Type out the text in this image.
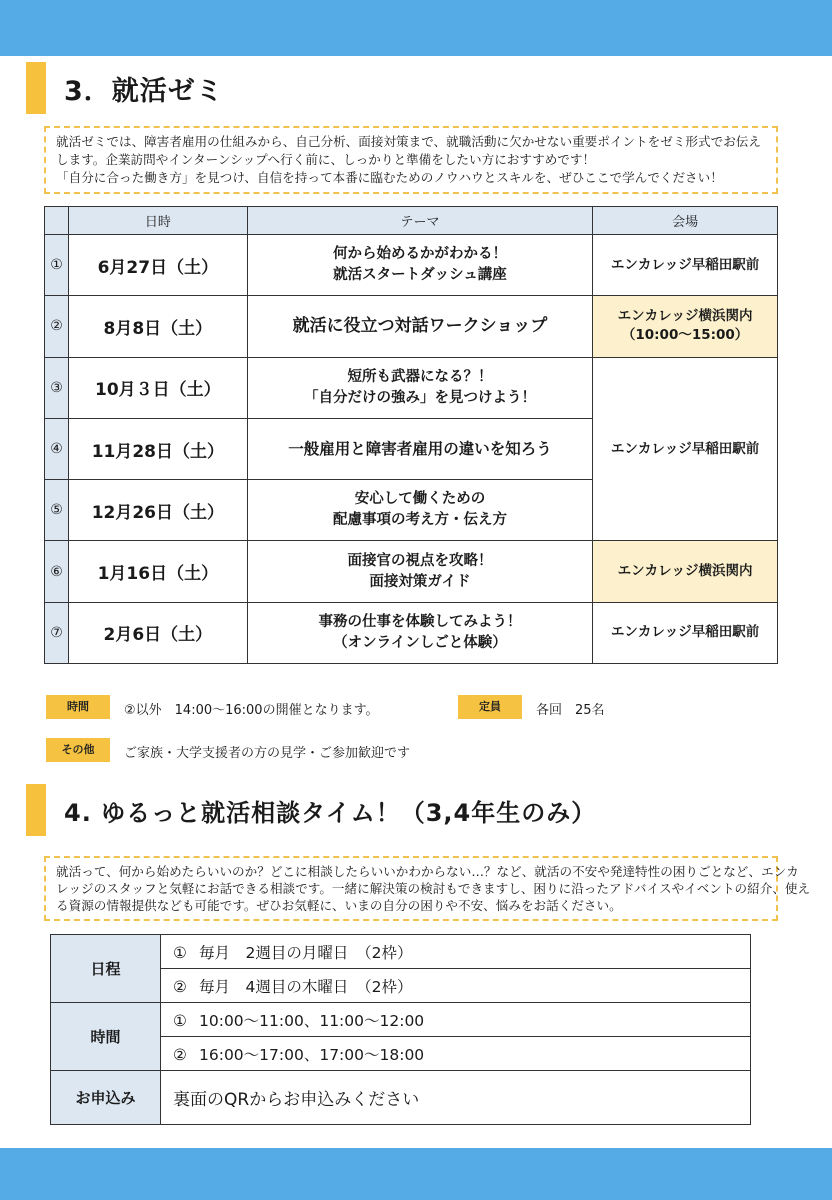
3．就活ゼミ

就活ゼミでは、障害者雇用の仕組みから、自己分析、面接対策まで、就職活動に欠かせない重要ポイントをゼミ形式でお伝え

します。企業訪問やインターンシップへ行く前に、しっかりと準備をしたい方におすすめです！

「自分に合った働き方」を見つけ、自信を持って本番に臨むためのノウハウとスキルを、ぜひここで学んでください！

	日時	テーマ	会場
①	6月27日（土）	何から始めるかがわかる！
就活スタートダッシュ講座	エンカレッジ早稲田駅前
②	8月8日（土）	就活に役立つ対話ワークショップ	エンカレッジ横浜関内
（10:00～15:00）

③	10月３日（土）	短所も武器になる？！
「自分だけの強み」を見つけよう！	エンカレッジ早稲田駅前
④	11月28日（土）	一般雇用と障害者雇用の違いを知ろう	
⑤	12月26日（土）	安心して働くための
配慮事項の考え方・伝え方	

⑥	1月16日（土）	面接官の視点を攻略！
面接対策ガイド	エンカレッジ横浜関内
⑦	2月6日（土）	事務の仕事を体験してみよう！
（オンラインしごと体験）	エンカレッジ早稲田駅前
時間	②以外　14:00～16:00の開催となります。	定員	各回　25名
その他	ご家族・大学支援者の方の見学・ご参加歓迎です
4. ゆるっと就活相談タイム！（3,4年生のみ）

就活って、何から始めたらいいのか？どこに相談したらいいかわからない…？など、就活の不安や発達特性の困りごとなど、エンカ

レッジのスタッフと気軽にお話できる相談です。一緒に解決策の検討もできますし、困りに沿ったアドバイスやイベントの紹介、使え

る資源の情報提供なども可能です。ぜひお気軽に、いまの自分の困りや不安、悩みをお話ください。

日程	① 毎月　2週目の月曜日　（2枠）
	② 毎月　4週目の木曜日　（2枠）
時間	① 10:00～11:00、11:00～12:00
	② 16:00～17:00、17:00～18:00
お申込み	裏面のQRからお申込みください
